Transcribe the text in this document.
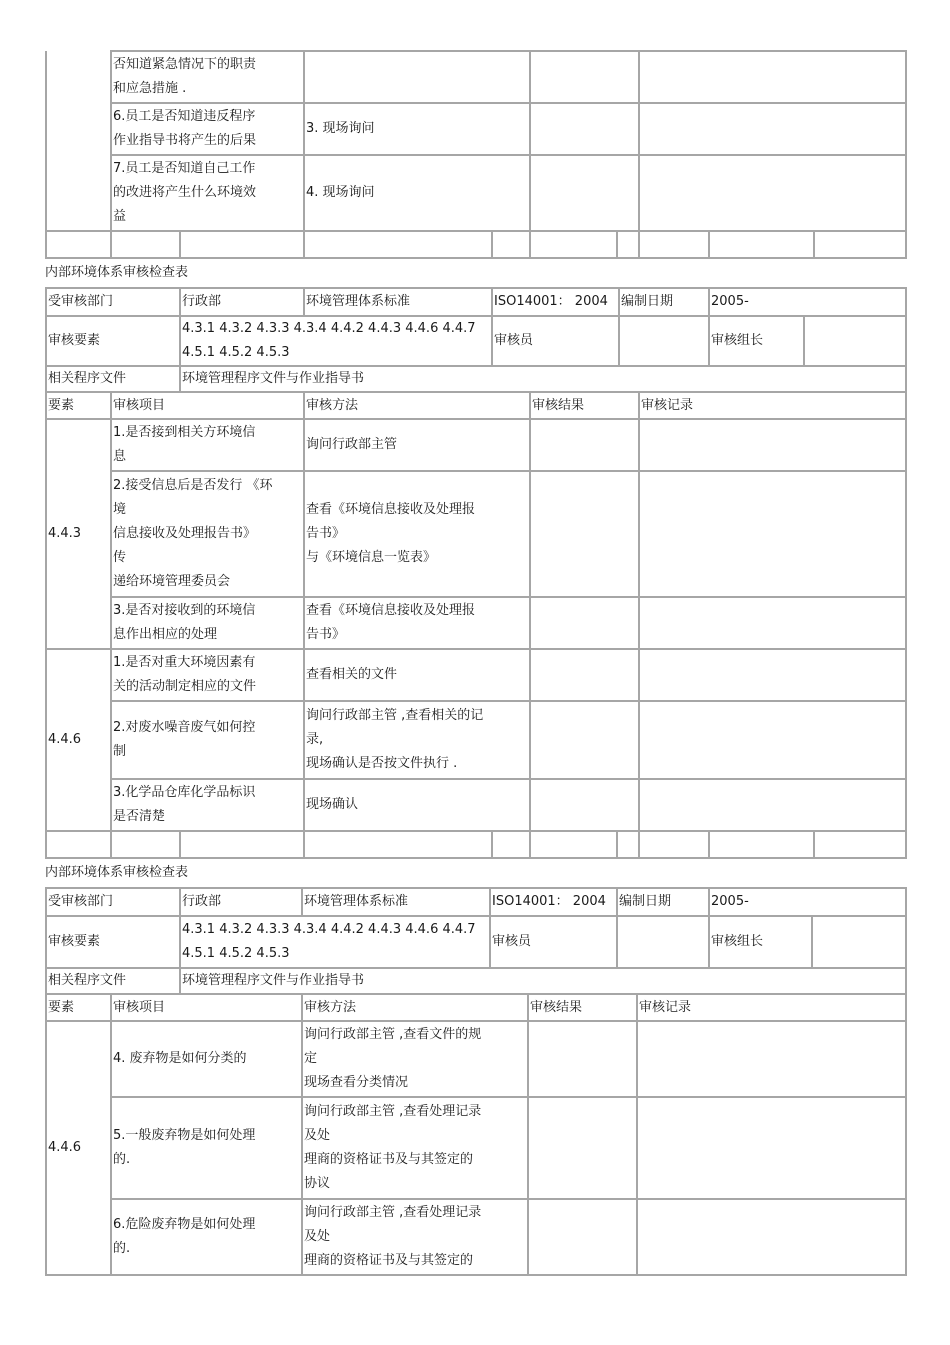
	否知道紧急情况下的职责
和应急措施 .			

	6.员工是否知道违反程序
作业指导书将产生的后果	3. 现场询问		

	7.员工是否知道自己工作
的改进将产生什么环境效
益	4. 现场询问		

内部环境体系审核检查表
受审核部门	行政部	环境管理体系标准	ISO14001： 2004	编制日期	2005-	
审核要素	4.3.1 4.3.2 4.3.3 4.3.4 4.4.2 4.4.3 4.4.6 4.4.7
4.5.1 4.5.2 4.5.3		审核员		审核组长	
相关程序文件	环境管理程序文件与作业指导书					
要素	审核项目	审核方法	审核结果	审核记录
4.4.3	1.是否接到相关方环境信
息	询问行政部主管		

	2.接受信息后是否发行 《环
境
信息接收及处理报告书》
传
递给环境管理委员会	查看《环境信息接收及处理报
告书》
与《环境信息一览表》		

	3.是否对接收到的环境信
息作出相应的处理	查看《环境信息接收及处理报
告书》		

4.4.6	1.是否对重大环境因素有
关的活动制定相应的文件	查看相关的文件		

	2.对废水噪音废气如何控
制	询问行政部主管 ,查看相关的记
录,
现场确认是否按文件执行 .		

	3.化学品仓库化学品标识
是否清楚	现场确认		

内部环境体系审核检查表
受审核部门	行政部	环境管理体系标准	ISO14001： 2004	编制日期	2005-	
审核要素	4.3.1 4.3.2 4.3.3 4.3.4 4.4.2 4.4.3 4.4.6 4.4.7
4.5.1 4.5.2 4.5.3		审核员		审核组长	
相关程序文件	环境管理程序文件与作业指导书					
要素	审核项目	审核方法	审核结果	审核记录
4.4.6	4. 废弃物是如何分类的	询问行政部主管 ,查看文件的规
定
现场查看分类情况		

	5.一般废弃物是如何处理
的.	询问行政部主管 ,查看处理记录
及处
理商的资格证书及与其签定的
协议		

	6.危险废弃物是如何处理
的.	询问行政部主管 ,查看处理记录
及处
理商的资格证书及与其签定的		
